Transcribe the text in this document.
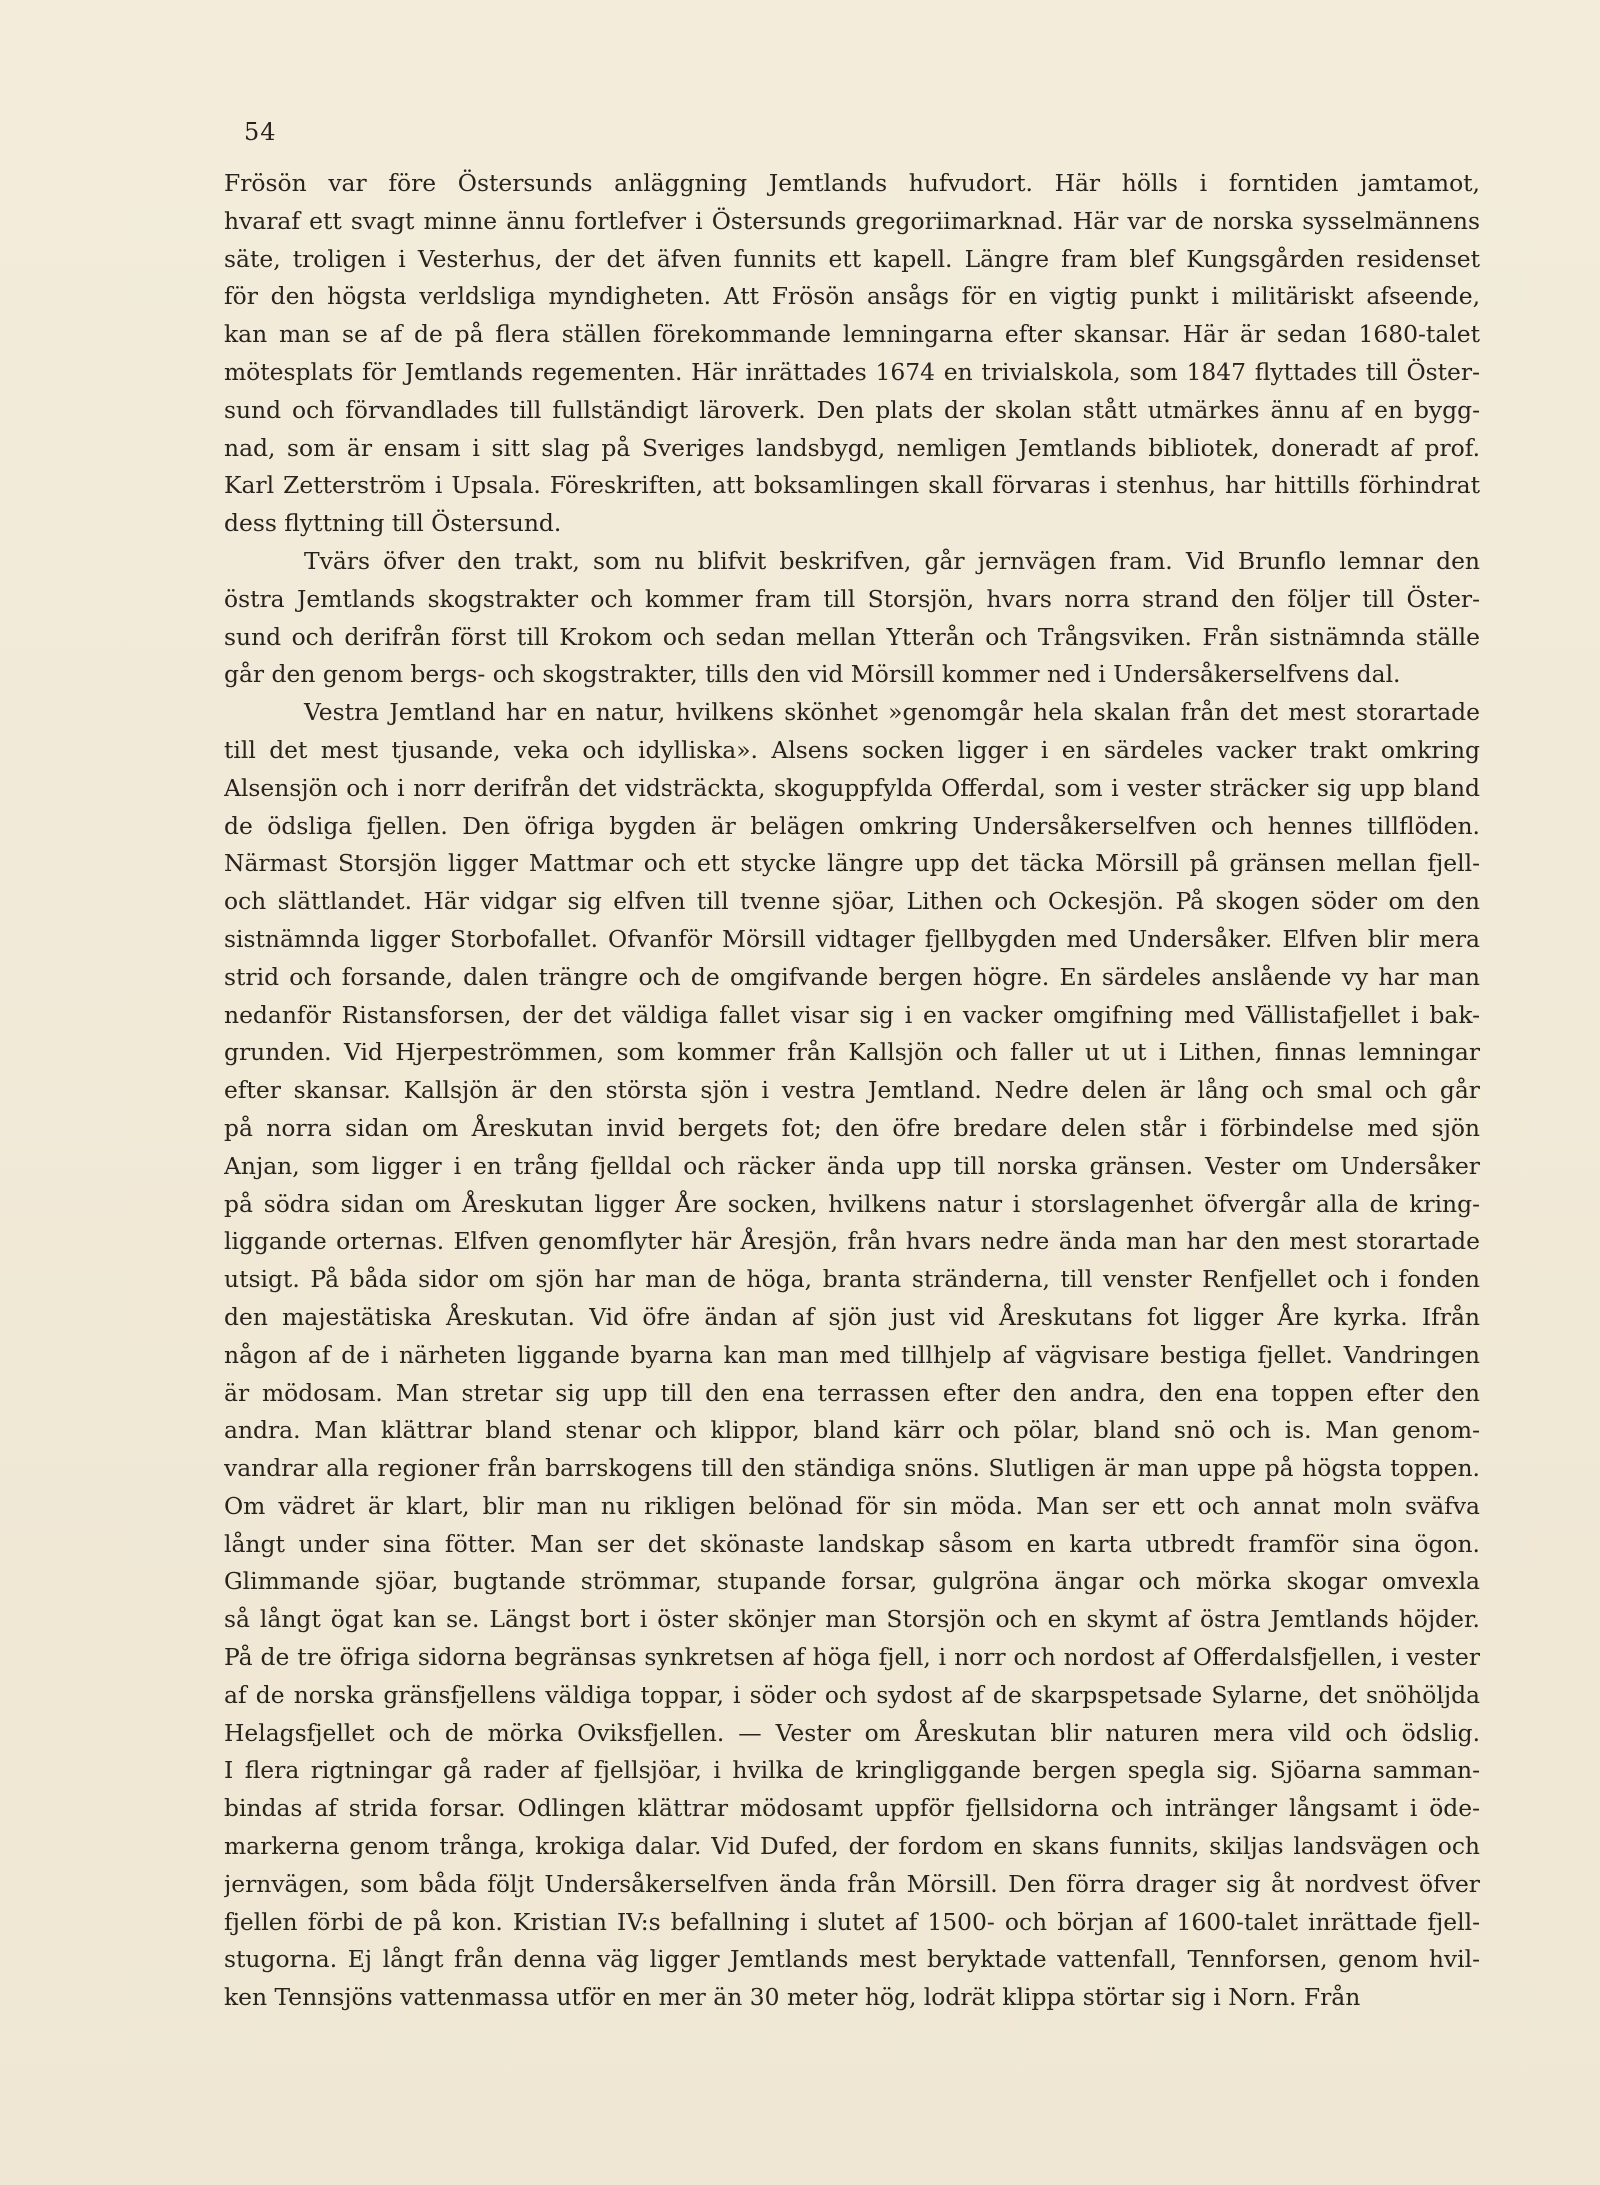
54
Frösön var före Östersunds anläggning Jemtlands hufvudort. Här hölls i forntiden jamtamot,
hvaraf ett svagt minne ännu fortlefver i Östersunds gregoriimarknad. Här var de norska sysselmännens
säte, troligen i Vesterhus, der det äfven funnits ett kapell. Längre fram blef Kungsgården residenset
för den högsta verldsliga myndigheten. Att Frösön ansågs för en vigtig punkt i militäriskt afseende,
kan man se af de på flera ställen förekommande lemningarna efter skansar. Här är sedan 1680-talet
mötesplats för Jemtlands regementen. Här inrättades 1674 en trivialskola, som 1847 flyttades till Öster-
sund och förvandlades till fullständigt läroverk. Den plats der skolan stått utmärkes ännu af en bygg-
nad, som är ensam i sitt slag på Sveriges landsbygd, nemligen Jemtlands bibliotek, doneradt af prof.
Karl Zetterström i Upsala. Föreskriften, att boksamlingen skall förvaras i stenhus, har hittills förhindrat
dess flyttning till Östersund.
Tvärs öfver den trakt, som nu blifvit beskrifven, går jernvägen fram. Vid Brunflo lemnar den
östra Jemtlands skogstrakter och kommer fram till Storsjön, hvars norra strand den följer till Öster-
sund och derifrån först till Krokom och sedan mellan Ytterån och Trångsviken. Från sistnämnda ställe
går den genom bergs- och skogstrakter, tills den vid Mörsill kommer ned i Undersåkerselfvens dal.
Vestra Jemtland har en natur, hvilkens skönhet »genomgår hela skalan från det mest storartade
till det mest tjusande, veka och idylliska». Alsens socken ligger i en särdeles vacker trakt omkring
Alsensjön och i norr derifrån det vidsträckta, skoguppfylda Offerdal, som i vester sträcker sig upp bland
de ödsliga fjellen. Den öfriga bygden är belägen omkring Undersåkerselfven och hennes tillflöden.
Närmast Storsjön ligger Mattmar och ett stycke längre upp det täcka Mörsill på gränsen mellan fjell-
och slättlandet. Här vidgar sig elfven till tvenne sjöar, Lithen och Ockesjön. På skogen söder om den
sistnämnda ligger Storbofallet. Ofvanför Mörsill vidtager fjellbygden med Undersåker. Elfven blir mera
strid och forsande, dalen trängre och de omgifvande bergen högre. En särdeles anslående vy har man
nedanför Ristansforsen, der det väldiga fallet visar sig i en vacker omgifning med Vällistafjellet i bak-
grunden. Vid Hjerpeströmmen, som kommer från Kallsjön och faller ut ut i Lithen, finnas lemningar
efter skansar. Kallsjön är den största sjön i vestra Jemtland. Nedre delen är lång och smal och går
på norra sidan om Åreskutan invid bergets fot; den öfre bredare delen står i förbindelse med sjön
Anjan, som ligger i en trång fjelldal och räcker ända upp till norska gränsen. Vester om Undersåker
på södra sidan om Åreskutan ligger Åre socken, hvilkens natur i storslagenhet öfvergår alla de kring-
liggande orternas. Elfven genomflyter här Åresjön, från hvars nedre ända man har den mest storartade
utsigt. På båda sidor om sjön har man de höga, branta stränderna, till venster Renfjellet och i fonden
den majestätiska Åreskutan. Vid öfre ändan af sjön just vid Åreskutans fot ligger Åre kyrka. Ifrån
någon af de i närheten liggande byarna kan man med tillhjelp af vägvisare bestiga fjellet. Vandringen
är mödosam. Man stretar sig upp till den ena terrassen efter den andra, den ena toppen efter den
andra. Man klättrar bland stenar och klippor, bland kärr och pölar, bland snö och is. Man genom-
vandrar alla regioner från barrskogens till den ständiga snöns. Slutligen är man uppe på högsta toppen.
Om vädret är klart, blir man nu rikligen belönad för sin möda. Man ser ett och annat moln sväfva
långt under sina fötter. Man ser det skönaste landskap såsom en karta utbredt framför sina ögon.
Glimmande sjöar, bugtande strömmar, stupande forsar, gulgröna ängar och mörka skogar omvexla
så långt ögat kan se. Längst bort i öster skönjer man Storsjön och en skymt af östra Jemtlands höjder.
På de tre öfriga sidorna begränsas synkretsen af höga fjell, i norr och nordost af Offerdalsfjellen, i vester
af de norska gränsfjellens väldiga toppar, i söder och sydost af de skarpspetsade Sylarne, det snöhöljda
Helagsfjellet och de mörka Oviksfjellen. — Vester om Åreskutan blir naturen mera vild och ödslig.
I flera rigtningar gå rader af fjellsjöar, i hvilka de kringliggande bergen spegla sig. Sjöarna samman-
bindas af strida forsar. Odlingen klättrar mödosamt uppför fjellsidorna och intränger långsamt i öde-
markerna genom trånga, krokiga dalar. Vid Dufed, der fordom en skans funnits, skiljas landsvägen och
jernvägen, som båda följt Undersåkerselfven ända från Mörsill. Den förra drager sig åt nordvest öfver
fjellen förbi de på kon. Kristian IV:s befallning i slutet af 1500- och början af 1600-talet inrättade fjell-
stugorna. Ej långt från denna väg ligger Jemtlands mest beryktade vattenfall, Tennforsen, genom hvil-
ken Tennsjöns vattenmassa utför en mer än 30 meter hög, lodrät klippa störtar sig i Norn. Från
